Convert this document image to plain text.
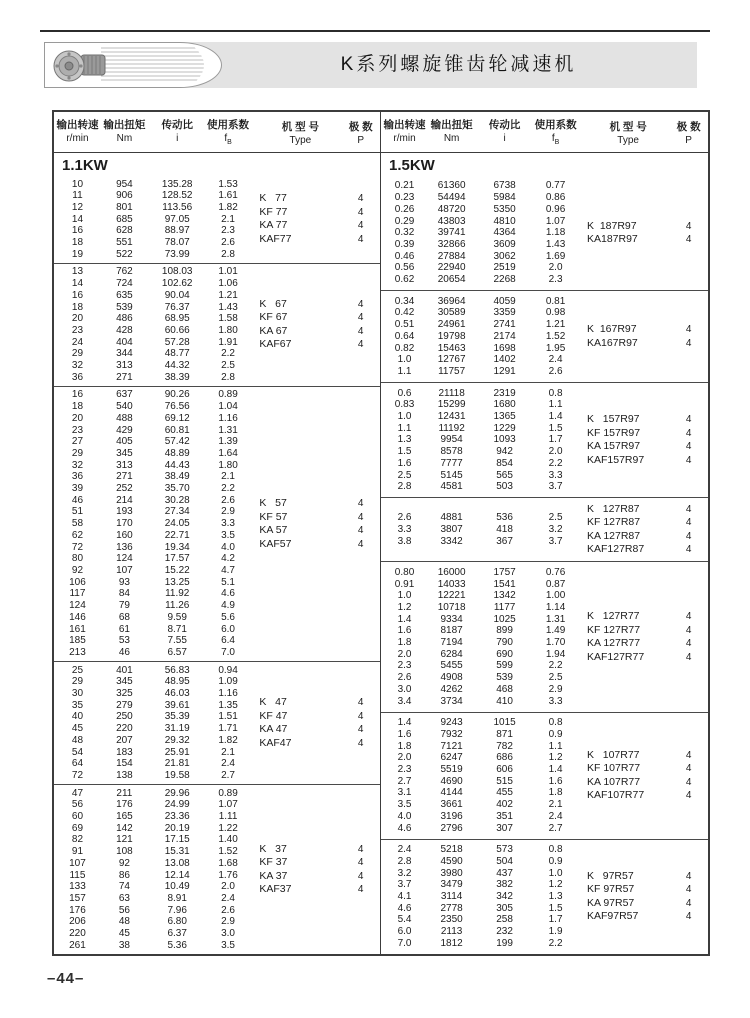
K系列螺旋锥齿轮减速机
输出转速
r/min
输出扭矩
Nm
传动比
i
使用系数
$f_B$
机 型 号
Type
极 数
P
1.1KW
10	954	135.28	1.53
11	906	128.52	1.61
12	801	113.56	1.82
14	685	97.05	2.1
16	628	88.97	2.3
18	551	78.07	2.6
19	522	73.99	2.8
K   77	4
KF 77	4
KA 77	4
KAF77	4
13	762	108.03	1.01
14	724	102.62	1.06
16	635	90.04	1.21
18	539	76.37	1.43
20	486	68.95	1.58
23	428	60.66	1.80
24	404	57.28	1.91
29	344	48.77	2.2
32	313	44.32	2.5
36	271	38.39	2.8
K   67	4
KF 67	4
KA 67	4
KAF67	4
16	637	90.26	0.89
18	540	76.56	1.04
20	488	69.12	1.16
23	429	60.81	1.31
27	405	57.42	1.39
29	345	48.89	1.64
32	313	44.43	1.80
36	271	38.49	2.1
39	252	35.70	2.2
46	214	30.28	2.6
51	193	27.34	2.9
58	170	24.05	3.3
62	160	22.71	3.5
72	136	19.34	4.0
80	124	17.57	4.2
92	107	15.22	4.7
106	93	13.25	5.1
117	84	11.92	4.6
124	79	11.26	4.9
146	68	9.59	5.6
161	61	8.71	6.0
185	53	7.55	6.4
213	46	6.57	7.0
K   57	4
KF 57	4
KA 57	4
KAF57	4
25	401	56.83	0.94
29	345	48.95	1.09
30	325	46.03	1.16
35	279	39.61	1.35
40	250	35.39	1.51
45	220	31.19	1.71
48	207	29.32	1.82
54	183	25.91	2.1
64	154	21.81	2.4
72	138	19.58	2.7
K   47	4
KF 47	4
KA 47	4
KAF47	4
47	211	29.96	0.89
56	176	24.99	1.07
60	165	23.36	1.11
69	142	20.19	1.22
82	121	17.15	1.40
91	108	15.31	1.52
107	92	13.08	1.68
115	86	12.14	1.76
133	74	10.49	2.0
157	63	8.91	2.4
176	56	7.96	2.6
206	48	6.80	2.9
220	45	6.37	3.0
261	38	5.36	3.5
K   37	4
KF 37	4
KA 37	4
KAF37	4
输出转速
r/min
输出扭矩
Nm
传动比
i
使用系数
$f_B$
机 型 号
Type
极 数
P
1.5KW
0.21	61360	6738	0.77
0.23	54494	5984	0.86
0.26	48720	5350	0.96
0.29	43803	4810	1.07
0.32	39741	4364	1.18
0.39	32866	3609	1.43
0.46	27884	3062	1.69
0.56	22940	2519	2.0
0.62	20654	2268	2.3
K  187R97	4
KA187R97	4
0.34	36964	4059	0.81
0.42	30589	3359	0.98
0.51	24961	2741	1.21
0.64	19798	2174	1.52
0.82	15463	1698	1.95
1.0	12767	1402	2.4
1.1	11757	1291	2.6
K  167R97	4
KA167R97	4
0.6	21118	2319	0.8
0.83	15299	1680	1.1
1.0	12431	1365	1.4
1.1	11192	1229	1.5
1.3	9954	1093	1.7
1.5	8578	942	2.0
1.6	7777	854	2.2
2.5	5145	565	3.3
2.8	4581	503	3.7
K   157R97	4
KF 157R97	4
KA 157R97	4
KAF157R97	4
2.6	4881	536	2.5
3.3	3807	418	3.2
3.8	3342	367	3.7
K   127R87	4
KF 127R87	4
KA 127R87	4
KAF127R87	4
0.80	16000	1757	0.76
0.91	14033	1541	0.87
1.0	12221	1342	1.00
1.2	10718	1177	1.14
1.4	9334	1025	1.31
1.6	8187	899	1.49
1.8	7194	790	1.70
2.0	6284	690	1.94
2.3	5455	599	2.2
2.6	4908	539	2.5
3.0	4262	468	2.9
3.4	3734	410	3.3
K   127R77	4
KF 127R77	4
KA 127R77	4
KAF127R77	4
1.4	9243	1015	0.8
1.6	7932	871	0.9
1.8	7121	782	1.1
2.0	6247	686	1.2
2.3	5519	606	1.4
2.7	4690	515	1.6
3.1	4144	455	1.8
3.5	3661	402	2.1
4.0	3196	351	2.4
4.6	2796	307	2.7
K   107R77	4
KF 107R77	4
KA 107R77	4
KAF107R77	4
2.4	5218	573	0.8
2.8	4590	504	0.9
3.2	3980	437	1.0
3.7	3479	382	1.2
4.1	3114	342	1.3
4.6	2778	305	1.5
5.4	2350	258	1.7
6.0	2113	232	1.9
7.0	1812	199	2.2
K   97R57	4
KF 97R57	4
KA 97R57	4
KAF97R57	4
–44–
